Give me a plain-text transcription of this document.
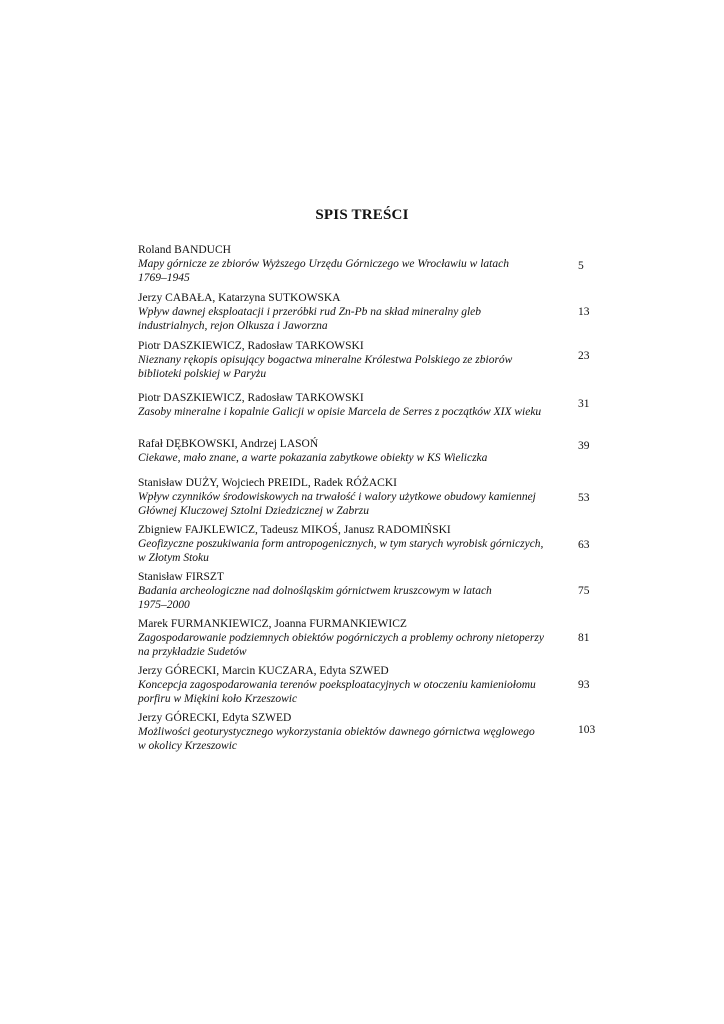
SPIS TREŚCI
Roland BANDUCH
Mapy górnicze ze zbiorów Wyższego Urzędu Górniczego we Wrocławiu w latach
1769–1945
5
Jerzy CABAŁA, Katarzyna SUTKOWSKA
Wpływ dawnej eksploatacji i przeróbki rud Zn-Pb na skład mineralny gleb
industrialnych, rejon Olkusza i Jaworzna
13
Piotr DASZKIEWICZ, Radosław TARKOWSKI
Nieznany rękopis opisujący bogactwa mineralne Królestwa Polskiego ze zbiorów
biblioteki polskiej w Paryżu
23
Piotr DASZKIEWICZ, Radosław TARKOWSKI
Zasoby mineralne i kopalnie Galicji w opisie Marcela de Serres z początków XIX wieku
31
Rafał DĘBKOWSKI, Andrzej LASOŃ
Ciekawe, mało znane, a warte pokazania zabytkowe obiekty w KS Wieliczka
39
Stanisław DUŻY, Wojciech PREIDL, Radek RÓŻACKI
Wpływ czynników środowiskowych na trwałość i walory użytkowe obudowy kamiennej
Głównej Kluczowej Sztolni Dziedzicznej w Zabrzu
53
Zbigniew FAJKLEWICZ, Tadeusz MIKOŚ, Janusz RADOMIŃSKI
Geofizyczne poszukiwania form antropogenicznych, w tym starych wyrobisk górniczych,
w Złotym Stoku
63
Stanisław FIRSZT
Badania archeologiczne nad dolnośląskim górnictwem kruszcowym w latach
1975–2000
75
Marek FURMANKIEWICZ, Joanna FURMANKIEWICZ
Zagospodarowanie podziemnych obiektów pogórniczych a problemy ochrony nietoperzy
na przykładzie Sudetów
81
Jerzy GÓRECKI, Marcin KUCZARA, Edyta SZWED
Koncepcja zagospodarowania terenów poeksploatacyjnych w otoczeniu kamieniołomu
porfiru w Miękini koło Krzeszowic
93
Jerzy GÓRECKI, Edyta SZWED
Możliwości geoturystycznego wykorzystania obiektów dawnego górnictwa węglowego
w okolicy Krzeszowic
103
